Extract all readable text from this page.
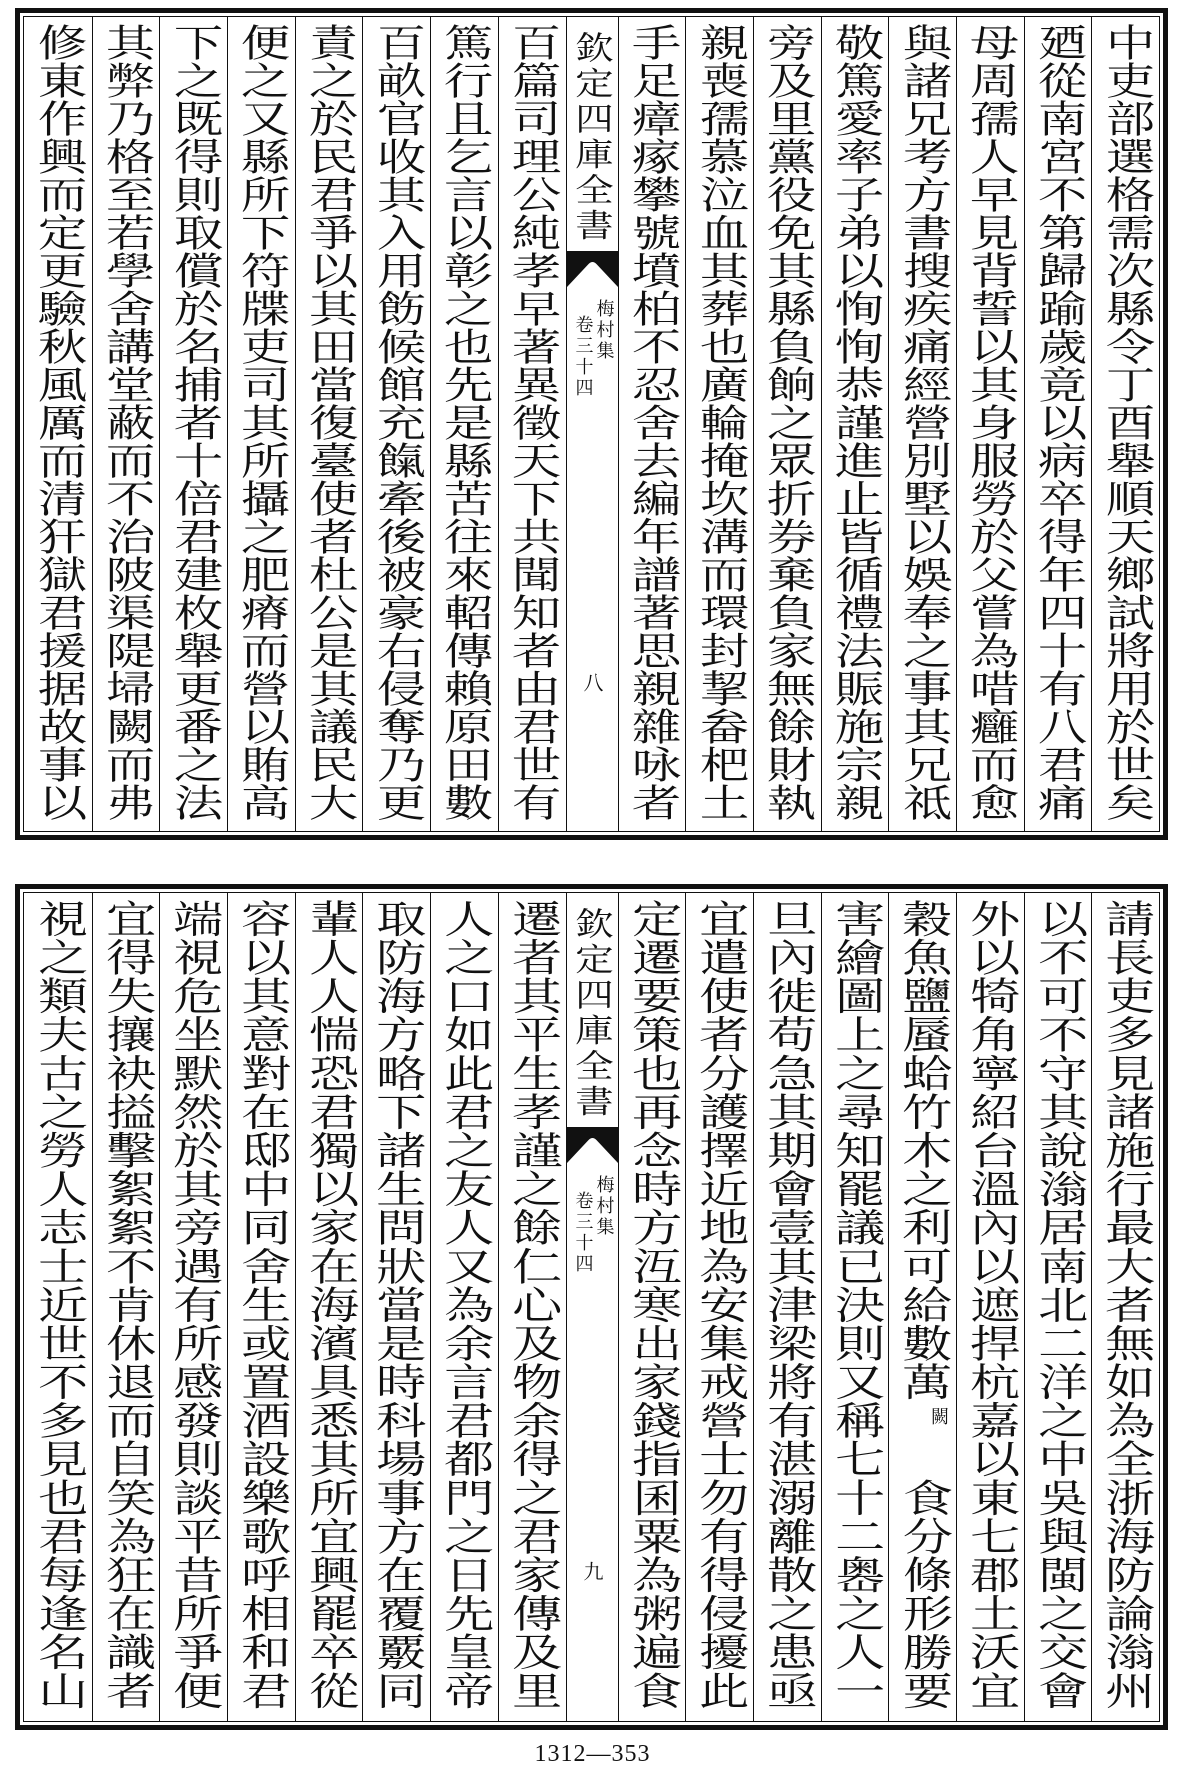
中吏部選格需次縣令丁酉舉順天鄉試將用於世矣
廼從南宮不第歸踰歲竟以病卒得年四十有八君痛
母周孺人早見背誓以其身服勞於父嘗為唶癰而愈
與諸兄考方書搜疾痛經營別墅以娛奉之事其兄祗
敬篤愛率子弟以恂恂恭謹進止皆循禮法賑施宗親
旁及里黨役免其縣負餉之眾折券棄負家無餘財執
親喪孺慕泣血其葬也廣輪掩坎溝而環封挈畚杷土
手足瘴瘃攀號墳柏不忍舍去編年譜著思親雜咏者
欽定四庫全書
梅村集
卷三十四
八
百篇司理公純孝早著異徵天下共聞知者由君世有
篤行且乞言以彰之也先是縣苦往來軺傳賴原田數
百畝官收其入用飭候館充餼牽後被豪右侵奪乃更
責之於民君爭以其田當復臺使者杜公是其議民大
便之又縣所下符牒吏司其所攝之肥瘠而營以賄高
下之既得則取償於名捕者十倍君建枚舉更番之法
其弊乃格至若學舍講堂蔽而不治陂渠隄埽闕而弗
修東作興而定更驗秋風厲而清犴獄君援据故事以
請長吏多見諸施行最大者無如為全浙海防論滃州
以不可不守其說滃居南北二洋之中吳與閩之交會
外以犄角寧紹台溫內以遮捍杭嘉以東七郡土沃宜
穀魚鹽蜃蛤竹木之利可給數萬
闕
食分條形勝要
害繪圖上之尋知罷議已決則又稱七十二嶴之人一
旦內徙苟急其期會壹其津梁將有湛溺離散之患亟
宜遣使者分護擇近地為安集戒營士勿有得侵擾此
定遷要策也再念時方沍寒出家錢指囷粟為粥遍食
欽定四庫全書
梅村集
卷三十四
九
遷者其平生孝謹之餘仁心及物余得之君家傳及里
人之口如此君之友人又為余言君都門之日先皇帝
取防海方略下諸生問狀當是時科場事方在覆覈同
輩人人惴恐君獨以家在海濱具悉其所宜興罷卒從
容以其意對在邸中同舍生或置酒設樂歌呼相和君
端視危坐默然於其旁遇有所感發則談平昔所爭便
宜得失攘袂搤擊絮絮不肯休退而自笑為狂在識者
視之類夫古之勞人志士近世不多見也君每逢名山
1312—353
